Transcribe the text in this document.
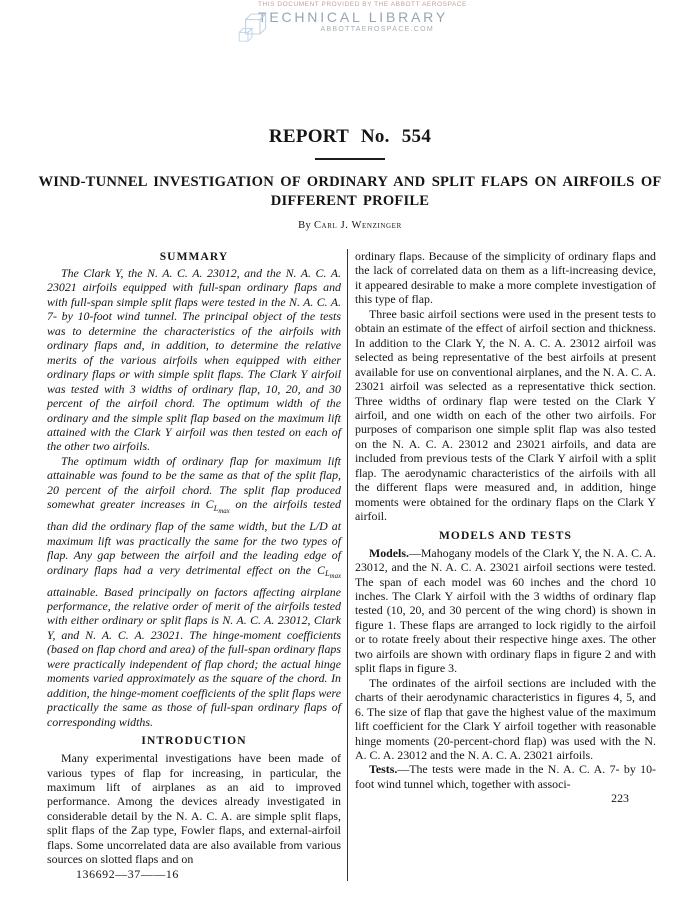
THIS DOCUMENT PROVIDED BY THE ABBOTT AEROSPACE
TECHNICAL LIBRARY
ABBOTTAEROSPACE.COM
REPORT No. 554
WIND-TUNNEL INVESTIGATION OF ORDINARY AND SPLIT FLAPS ON AIRFOILS OF
DIFFERENT PROFILE
By Carl J. Wenzinger
SUMMARY

The Clark Y, the N. A. C. A. 23012, and the N. A. C. A. 23021 airfoils equipped with full-span ordinary flaps and with full-span simple split flaps were tested in the N. A. C. A. 7- by 10-foot wind tunnel. The principal object of the tests was to determine the characteristics of the airfoils with ordinary flaps and, in addition, to determine the relative merits of the various airfoils when equipped with either ordinary flaps or with simple split flaps. The Clark Y airfoil was tested with 3 widths of ordinary flap, 10, 20, and 30 percent of the airfoil chord. The optimum width of the ordinary and the simple split flap based on the maximum lift attained with the Clark Y airfoil was then tested on each of the other two airfoils.

The optimum width of ordinary flap for maximum lift attainable was found to be the same as that of the split flap, 20 percent of the airfoil chord. The split flap produced somewhat greater increases in $C_{L_{max}}$ on the airfoils tested than did the ordinary flap of the same width, but the L/D at maximum lift was practically the same for the two types of flap. Any gap between the airfoil and the leading edge of ordinary flaps had a very detrimental effect on the $C_{L_{max}}$ attainable. Based principally on factors affecting airplane performance, the relative order of merit of the airfoils tested with either ordinary or split flaps is N. A. C. A. 23012, Clark Y, and N. A. C. A. 23021. The hinge-moment coefficients (based on flap chord and area) of the full-span ordinary flaps were practically independent of flap chord; the actual hinge moments varied approximately as the square of the chord. In addition, the hinge-moment coefficients of the split flaps were practically the same as those of full-span ordinary flaps of corresponding widths.

INTRODUCTION

Many experimental investigations have been made of various types of flap for increasing, in particular, the maximum lift of airplanes as an aid to improved performance. Among the devices already investigated in considerable detail by the N. A. C. A. are simple split flaps, split flaps of the Zap type, Fowler flaps, and external-airfoil flaps. Some uncorrelated data are also available from various sources on slotted flaps and on

136692—37——16

ordinary flaps. Because of the simplicity of ordinary flaps and the lack of correlated data on them as a lift-increasing device, it appeared desirable to make a more complete investigation of this type of flap.

Three basic airfoil sections were used in the present tests to obtain an estimate of the effect of airfoil section and thickness. In addition to the Clark Y, the N. A. C. A. 23012 airfoil was selected as being representative of the best airfoils at present available for use on conventional airplanes, and the N. A. C. A. 23021 airfoil was selected as a representative thick section. Three widths of ordinary flap were tested on the Clark Y airfoil, and one width on each of the other two airfoils. For purposes of comparison one simple split flap was also tested on the N. A. C. A. 23012 and 23021 airfoils, and data are included from previous tests of the Clark Y airfoil with a split flap. The aerodynamic characteristics of the airfoils with all the different flaps were measured and, in addition, hinge moments were obtained for the ordinary flaps on the Clark Y airfoil.

MODELS AND TESTS

Models.—Mahogany models of the Clark Y, the N. A. C. A. 23012, and the N. A. C. A. 23021 airfoil sections were tested. The span of each model was 60 inches and the chord 10 inches. The Clark Y airfoil with the 3 widths of ordinary flap tested (10, 20, and 30 percent of the wing chord) is shown in figure 1. These flaps are arranged to lock rigidly to the airfoil or to rotate freely about their respective hinge axes. The other two airfoils are shown with ordinary flaps in figure 2 and with split flaps in figure 3.

The ordinates of the airfoil sections are included with the charts of their aerodynamic characteristics in figures 4, 5, and 6. The size of flap that gave the highest value of the maximum lift coefficient for the Clark Y airfoil together with reasonable hinge moments (20-percent-chord flap) was used with the N. A. C. A. 23012 and the N. A. C. A. 23021 airfoils.

Tests.—The tests were made in the N. A. C. A. 7- by 10-foot wind tunnel which, together with associ-

223
